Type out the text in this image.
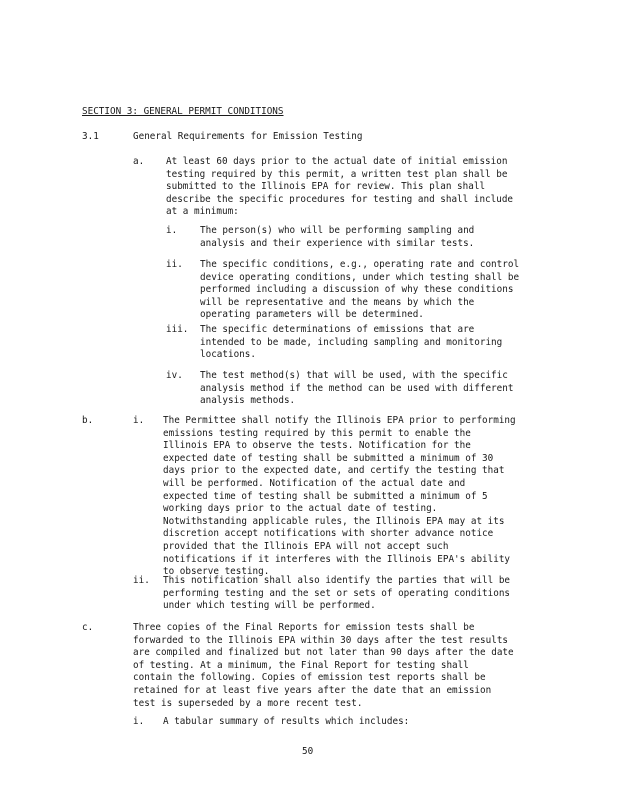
SECTION 3: GENERAL PERMIT CONDITIONS
3.1	General Requirements for Emission Testing
a. At least 60 days prior to the actual date of initial emission
testing required by this permit, a written test plan shall be
submitted to the Illinois EPA for review. This plan shall
describe the specific procedures for testing and shall include
at a minimum:
i. The person(s) who will be performing sampling and
analysis and their experience with similar tests.
ii. The specific conditions, e.g., operating rate and control
device operating conditions, under which testing shall be
performed including a discussion of why these conditions
will be representative and the means by which the
operating parameters will be determined.
iii. The specific determinations of emissions that are
intended to be made, including sampling and monitoring
locations.
iv. The test method(s) that will be used, with the specific
analysis method if the method can be used with different
analysis methods.
b.	i. The Permittee shall notify the Illinois EPA prior to performing
emissions testing required by this permit to enable the
Illinois EPA to observe the tests. Notification for the
expected date of testing shall be submitted a minimum of 30
days prior to the expected date, and certify the testing that
will be performed. Notification of the actual date and
expected time of testing shall be submitted a minimum of 5
working days prior to the actual date of testing.
Notwithstanding applicable rules, the Illinois EPA may at its
discretion accept notifications with shorter advance notice
provided that the Illinois EPA will not accept such
notifications if it interferes with the Illinois EPA's ability
to observe testing.
ii. This notification shall also identify the parties that will be
performing testing and the set or sets of operating conditions
under which testing will be performed.
c.	Three copies of the Final Reports for emission tests shall be
forwarded to the Illinois EPA within 30 days after the test results
are compiled and finalized but not later than 90 days after the date
of testing. At a minimum, the Final Report for testing shall
contain the following. Copies of emission test reports shall be
retained for at least five years after the date that an emission
test is superseded by a more recent test.
i. A tabular summary of results which includes:
50
